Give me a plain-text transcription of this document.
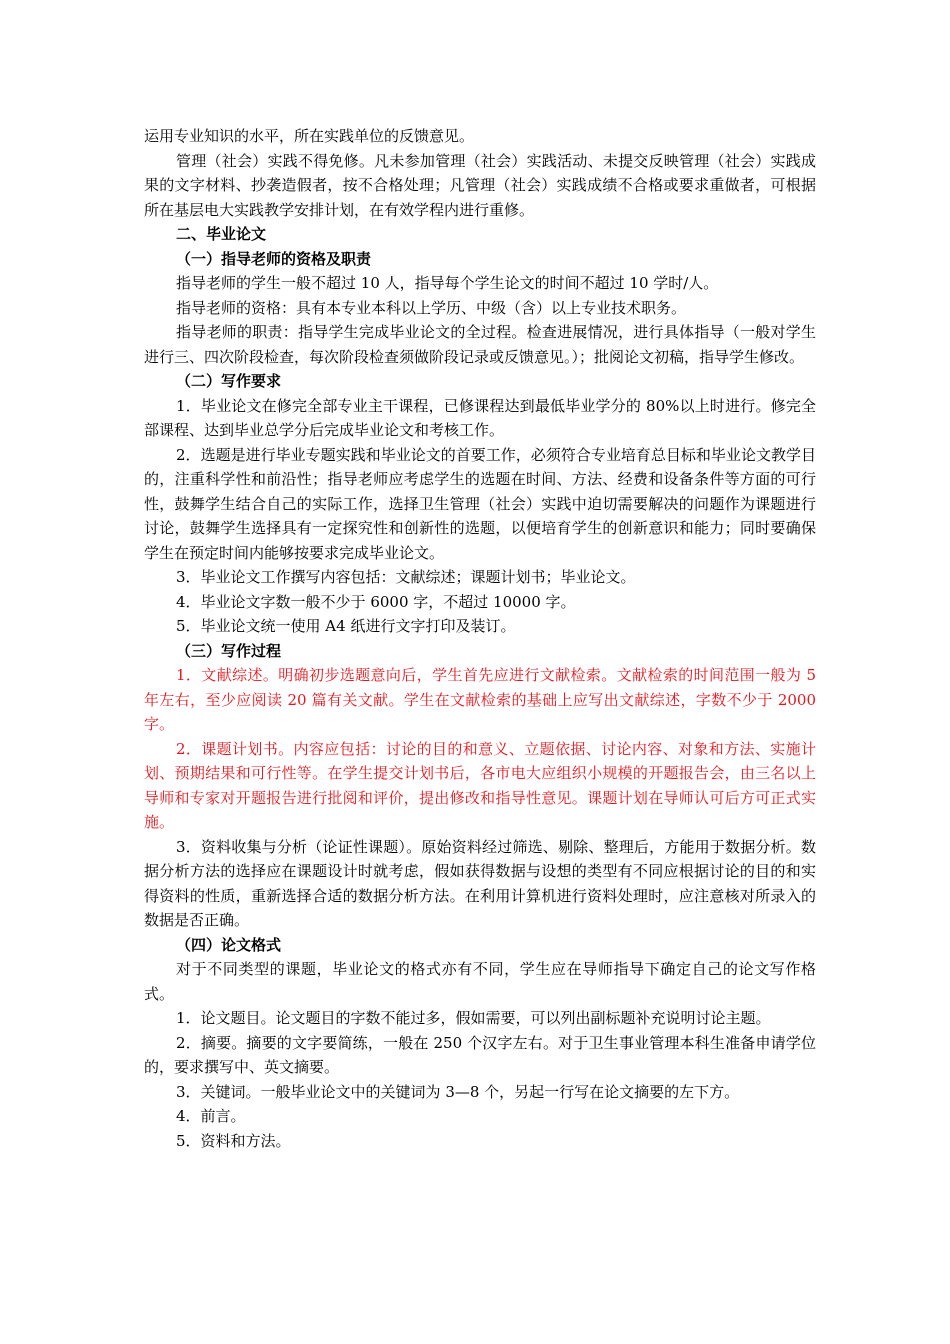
运用专业知识的水平，所在实践单位的反馈意见。

管理（社会）实践不得免修。凡未参加管理（社会）实践活动、未提交反映管理（社会）实践成果的文字材料、抄袭造假者，按不合格处理；凡管理（社会）实践成绩不合格或要求重做者，可根据所在基层电大实践教学安排计划，在有效学程内进行重修。

二、毕业论文

（一）指导老师的资格及职责

指导老师的学生一般不超过 10 人，指导每个学生论文的时间不超过 10 学时/人。

指导老师的资格：具有本专业本科以上学历、中级（含）以上专业技术职务。

指导老师的职责：指导学生完成毕业论文的全过程。检查进展情况，进行具体指导（一般对学生进行三、四次阶段检查，每次阶段检查须做阶段记录或反馈意见。）；批阅论文初稿，指导学生修改。

（二）写作要求

1．毕业论文在修完全部专业主干课程，已修课程达到最低毕业学分的 80%以上时进行。修完全部课程、达到毕业总学分后完成毕业论文和考核工作。

2．选题是进行毕业专题实践和毕业论文的首要工作，必须符合专业培育总目标和毕业论文教学目的，注重科学性和前沿性；指导老师应考虑学生的选题在时间、方法、经费和设备条件等方面的可行性，鼓舞学生结合自己的实际工作，选择卫生管理（社会）实践中迫切需要解决的问题作为课题进行讨论，鼓舞学生选择具有一定探究性和创新性的选题，以便培育学生的创新意识和能力；同时要确保学生在预定时间内能够按要求完成毕业论文。

3．毕业论文工作撰写内容包括：文献综述；课题计划书；毕业论文。

4．毕业论文字数一般不少于 6000 字，不超过 10000 字。

5．毕业论文统一使用 A4 纸进行文字打印及装订。

（三）写作过程

1．文献综述。明确初步选题意向后，学生首先应进行文献检索。文献检索的时间范围一般为 5 年左右，至少应阅读 20 篇有关文献。学生在文献检索的基础上应写出文献综述，字数不少于 2000 字。

2．课题计划书。内容应包括：讨论的目的和意义、立题依据、讨论内容、对象和方法、实施计划、预期结果和可行性等。在学生提交计划书后，各市电大应组织小规模的开题报告会，由三名以上导师和专家对开题报告进行批阅和评价，提出修改和指导性意见。课题计划在导师认可后方可正式实施。

3．资料收集与分析（论证性课题）。原始资料经过筛选、剔除、整理后，方能用于数据分析。数据分析方法的选择应在课题设计时就考虑，假如获得数据与设想的类型有不同应根据讨论的目的和实得资料的性质，重新选择合适的数据分析方法。在利用计算机进行资料处理时，应注意核对所录入的数据是否正确。

（四）论文格式

对于不同类型的课题，毕业论文的格式亦有不同，学生应在导师指导下确定自己的论文写作格式。

1．论文题目。论文题目的字数不能过多，假如需要，可以列出副标题补充说明讨论主题。

2．摘要。摘要的文字要简练，一般在 250 个汉字左右。对于卫生事业管理本科生准备申请学位的，要求撰写中、英文摘要。

3．关键词。一般毕业论文中的关键词为 3—8 个，另起一行写在论文摘要的左下方。

4．前言。

5．资料和方法。
